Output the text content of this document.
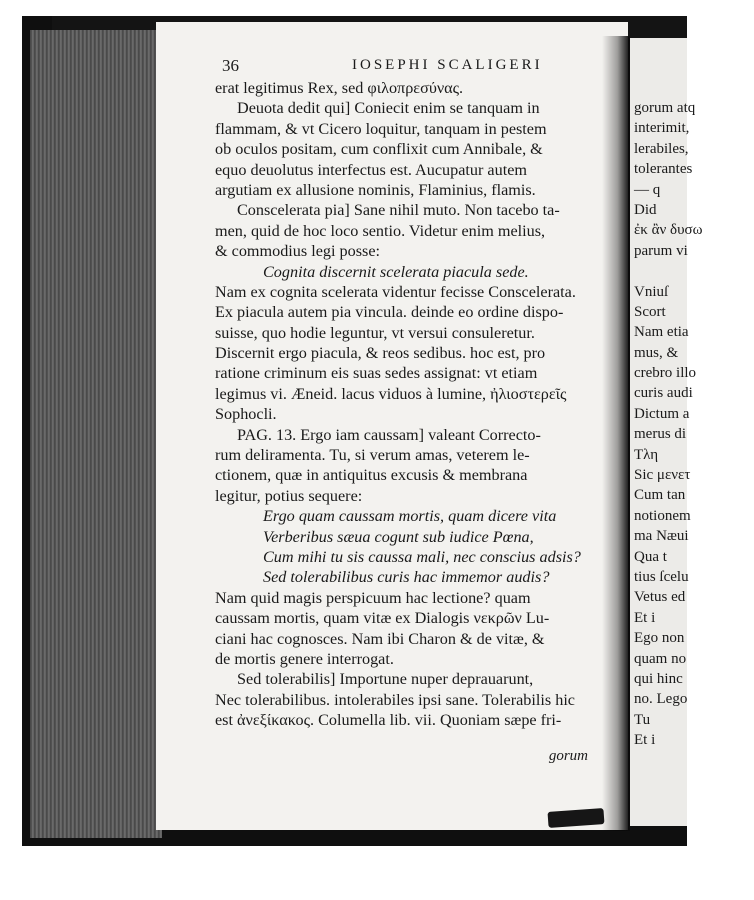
gorum atq
interimit,
lerabiles,
tolerantes
— q
Did
ἐκ ἂν δυσω
parum vi
Vniuſ
Scort
Nam etia
mus, &
crebro illo
curis audi
Dictum a
merus di
Τλη
Sic μενετ
Cum tan
notionem
ma Næui
Qua t
tius ſcelu
Vetus ed
Et i
Ego non
quam no
qui hinc
no. Lego
Tu
Et i
36	IOSEPHI SCALIGERI
erat legitimus Rex, sed φιλοπρεσύνας.
Deuota dedit qui] Coniecit enim se tanquam in
flammam, & vt Cicero loquitur, tanquam in pestem
ob oculos positam, cum conflixit cum Annibale, &
equo deuolutus interfectus est. Aucupatur autem
argutiam ex allusione nominis, Flaminius, flamis.
Conscelerata pia] Sane nihil muto. Non tacebo ta-
men, quid de hoc loco sentio. Videtur enim melius,
& commodius legi posse:
Cognita discernit scelerata piacula sede.
Nam ex cognita scelerata videntur fecisse Conscelerata.
Ex piacula autem pia vincula. deinde eo ordine dispo-
suisse, quo hodie leguntur, vt versui consuleretur.
Discernit ergo piacula, & reos sedibus. hoc est, pro
ratione criminum eis suas sedes assignat: vt etiam
legimus vi. Æneid. lacus viduos à lumine, ἠλιοστερεῖς
Sophocli.
PAG. 13. Ergo iam caussam] valeant Correcto-
rum deliramenta. Tu, si verum amas, veterem le-
ctionem, quæ in antiquitus excusis & membrana
legitur, potius sequere:
Ergo quam caussam mortis, quam dicere vita
Verberibus sæua cogunt sub iudice Pœna,
Cum mihi tu sis caussa mali, nec conscius adsis?
Sed tolerabilibus curis hac immemor audis?
Nam quid magis perspicuum hac lectione? quam
caussam mortis, quam vitæ ex Dialogis νεκρῶν Lu-
ciani hac cognosces. Nam ibi Charon & de vitæ, &
de mortis genere interrogat.
Sed tolerabilis] Importune nuper deprauarunt,
Nec tolerabilibus. intolerabiles ipsi sane. Tolerabilis hic
est ἀνεξίκακος. Columella lib. vii. Quoniam sæpe fri-
gorum
